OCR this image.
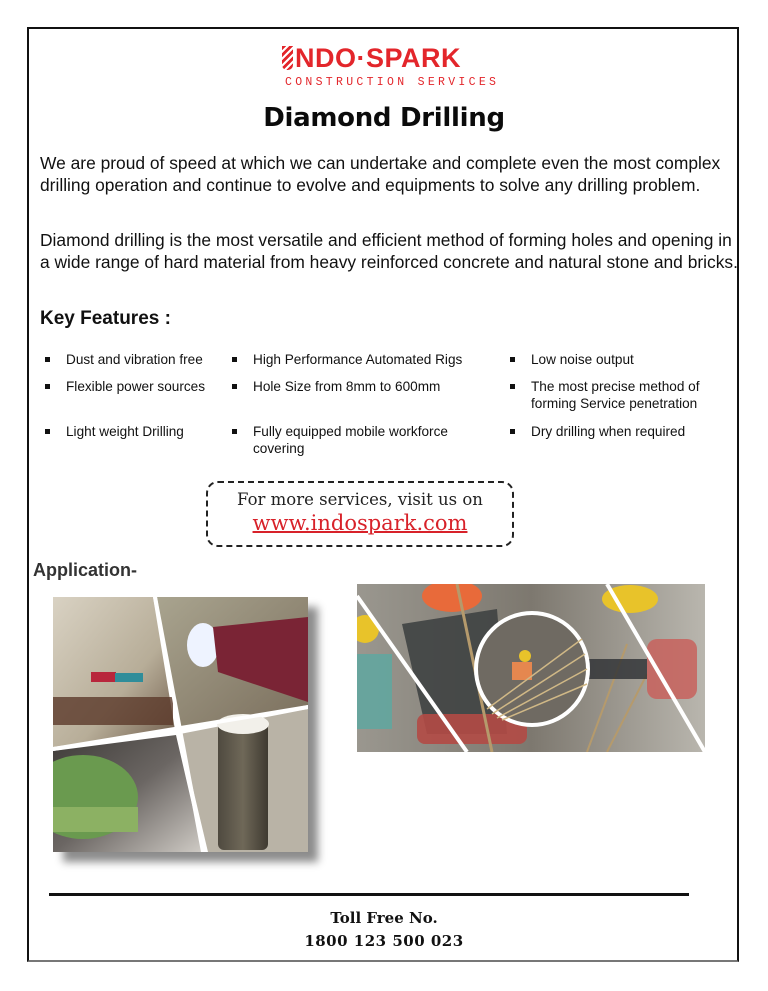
NDO·SPARK
CONSTRUCTION SERVICES
Diamond Drilling
We are proud of speed at which we can undertake and complete even the most complex drilling operation and continue to evolve and equipments to solve any drilling problem.
Diamond drilling is the most versatile and efficient method of forming holes and opening in a wide range of hard material from heavy reinforced concrete and natural stone and bricks.
Key Features :
Dust and vibration free	High Performance Automated Rigs	Low noise output
Flexible power sources	Hole Size from 8mm to 600mm	The most precise method of forming Service penetration
Light weight Drilling	Fully equipped mobile workforce covering
Dry drilling when required
For more services, visit us on
www.indospark.com
Application-
Toll Free No.
1800 123 500 023
